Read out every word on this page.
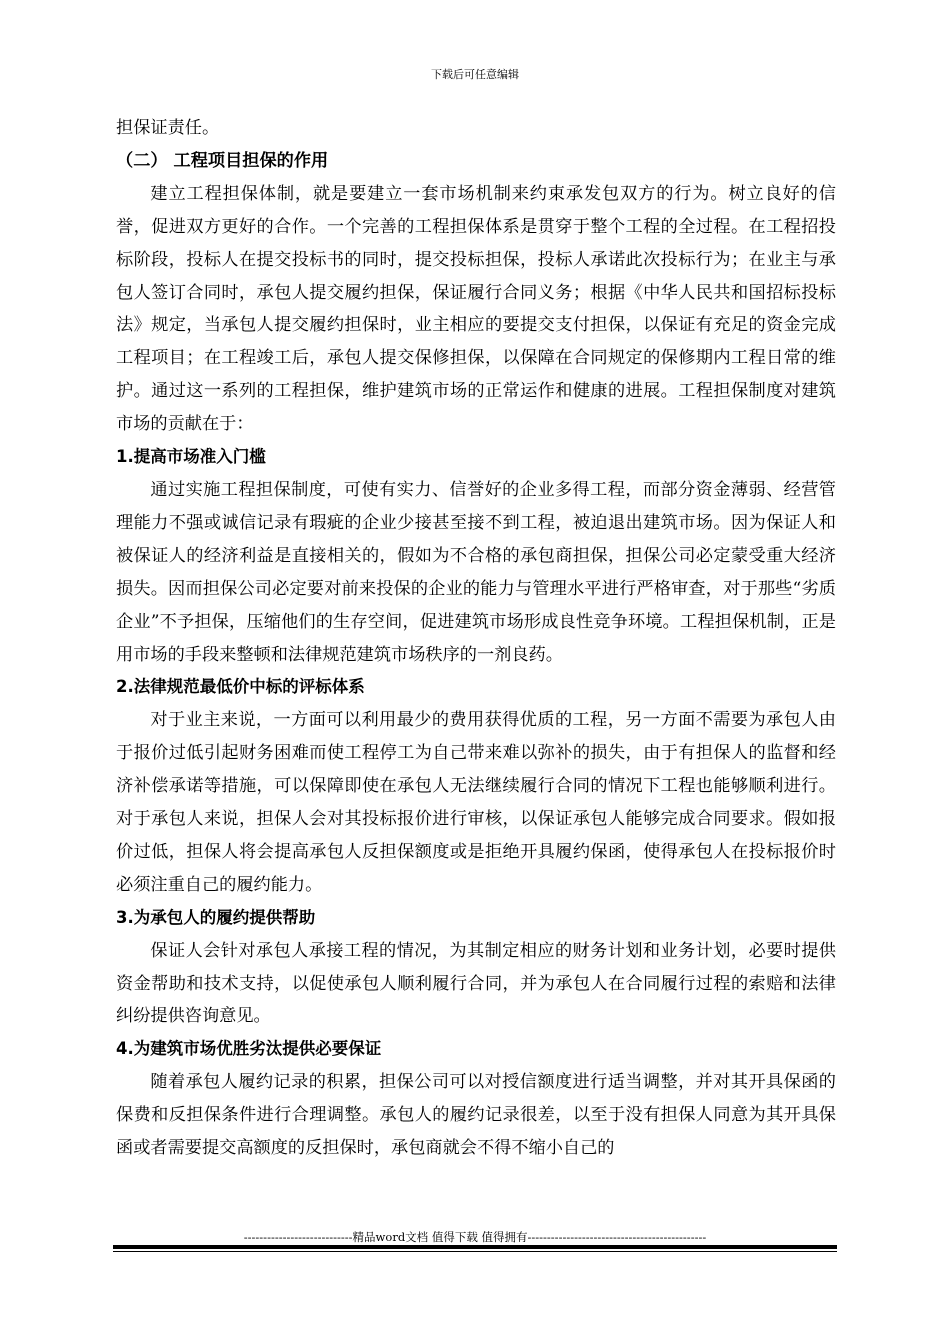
下载后可任意编辑

担保证责任。

（二） 工程项目担保的作用

建立工程担保体制，就是要建立一套市场机制来约束承发包双方的行为。树立良好的信誉，促进双方更好的合作。一个完善的工程担保体系是贯穿于整个工程的全过程。在工程招投标阶段，投标人在提交投标书的同时，提交投标担保，投标人承诺此次投标行为；在业主与承包人签订合同时，承包人提交履约担保，保证履行合同义务；根据《中华人民共和国招标投标法》规定，当承包人提交履约担保时，业主相应的要提交支付担保，以保证有充足的资金完成工程项目；在工程竣工后，承包人提交保修担保，以保障在合同规定的保修期内工程日常的维护。通过这一系列的工程担保，维护建筑市场的正常运作和健康的进展。工程担保制度对建筑市场的贡献在于：

1.提高市场准入门槛

通过实施工程担保制度，可使有实力、信誉好的企业多得工程，而部分资金薄弱、经营管理能力不强或诚信记录有瑕疵的企业少接甚至接不到工程，被迫退出建筑市场。因为保证人和被保证人的经济利益是直接相关的，假如为不合格的承包商担保，担保公司必定蒙受重大经济损失。因而担保公司必定要对前来投保的企业的能力与管理水平进行严格审查，对于那些“劣质企业”不予担保，压缩他们的生存空间，促进建筑市场形成良性竞争环境。工程担保机制，正是用市场的手段来整顿和法律规范建筑市场秩序的一剂良药。

2.法律规范最低价中标的评标体系

对于业主来说，一方面可以利用最少的费用获得优质的工程，另一方面不需要为承包人由于报价过低引起财务困难而使工程停工为自己带来难以弥补的损失，由于有担保人的监督和经济补偿承诺等措施，可以保障即使在承包人无法继续履行合同的情况下工程也能够顺利进行。对于承包人来说，担保人会对其投标报价进行审核，以保证承包人能够完成合同要求。假如报价过低，担保人将会提高承包人反担保额度或是拒绝开具履约保函，使得承包人在投标报价时必须注重自己的履约能力。

3.为承包人的履约提供帮助

保证人会针对承包人承接工程的情况，为其制定相应的财务计划和业务计划，必要时提供资金帮助和技术支持，以促使承包人顺利履行合同，并为承包人在合同履行过程的索赔和法律纠纷提供咨询意见。

4.为建筑市场优胜劣汰提供必要保证

随着承包人履约记录的积累，担保公司可以对授信额度进行适当调整，并对其开具保函的保费和反担保条件进行合理调整。承包人的履约记录很差，以至于没有担保人同意为其开具保函或者需要提交高额度的反担保时，承包商就会不得不缩小自己的

----------------------------精品word文档 值得下载 值得拥有----------------------------------------------
